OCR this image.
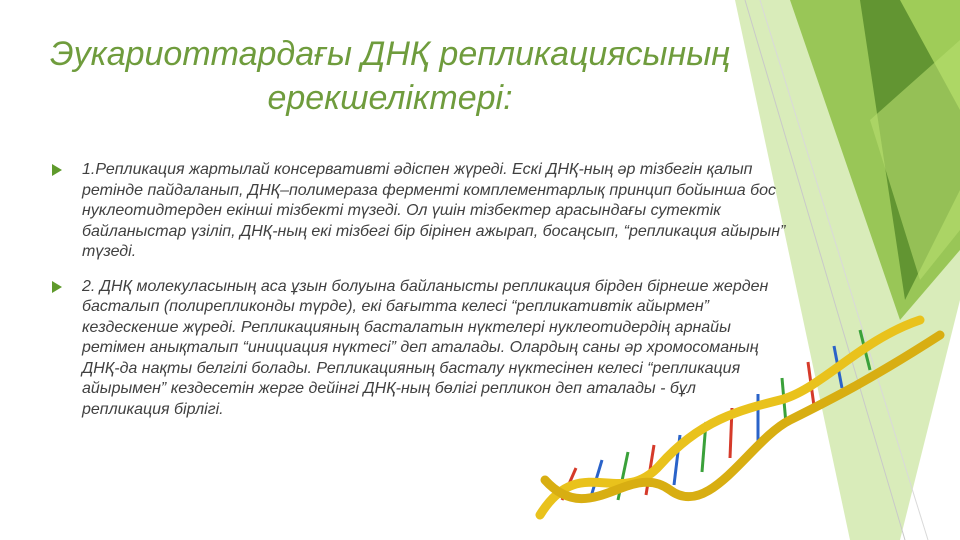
Эукариоттардағы ДНҚ репликациясының
ерекшеліктері:
1.Репликация жартылай консервативті әдіспен жүреді. Ескі ДНҚ-ның әр тізбегін қалып ретінде пайдаланып, ДНҚ–полимераза ферменті комплементарлық принцип бойынша бос нуклеотидтерден екінші тізбекті түзеді. Ол үшін тізбектер арасындағы сутектік байланыстар үзіліп, ДНҚ-ның екі тізбегі бір бірінен ажырап, босаңсып, “репликация айырын” түзеді.
2. ДНҚ молекуласының аса ұзын болуына байланысты репликация бірден бірнеше жерден басталып (полирепликонды түрде), екі бағытта келесі “репликативтік айырмен” кездескенше жүреді. Репликацияның басталатын нүктелері нуклеотидердің арнайы ретімен анықталып “инициация нүктесі” деп аталады. Олардың саны әр хромосоманың ДНҚ-да нақты белгілі болады. Репликацияның басталу нүктесінен келесі “репликация айырымен” кездесетін жерге дейінгі ДНҚ-ның бөлігі репликон деп аталады - бұл репликация бірлігі.
